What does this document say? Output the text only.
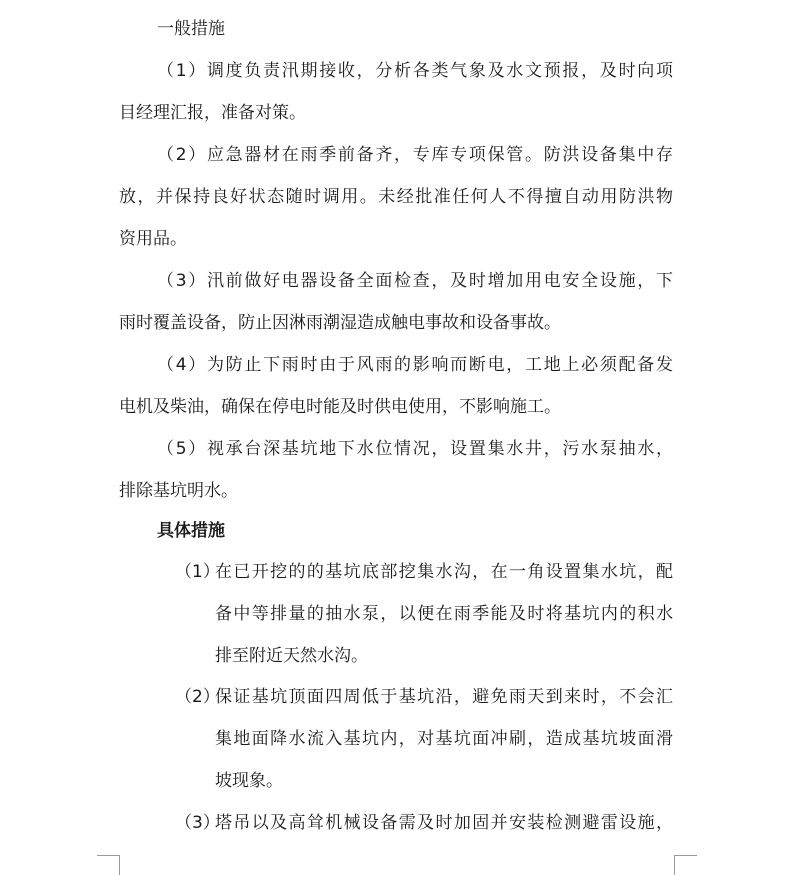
一般措施
（1）调度负责汛期接收，分析各类气象及水文预报，及时向项
目经理汇报，准备对策。
（2）应急器材在雨季前备齐，专库专项保管。防洪设备集中存
放，并保持良好状态随时调用。未经批准任何人不得擅自动用防洪物
资用品。
（3）汛前做好电器设备全面检查，及时增加用电安全设施，下
雨时覆盖设备，防止因淋雨潮湿造成触电事故和设备事故。
（4）为防止下雨时由于风雨的影响而断电，工地上必须配备发
电机及柴油，确保在停电时能及时供电使用，不影响施工。
（5）视承台深基坑地下水位情况，设置集水井，污水泵抽水，
排除基坑明水。
具体措施
（1）
在已开挖的的基坑底部挖集水沟，在一角设置集水坑，配
备中等排量的抽水泵，以便在雨季能及时将基坑内的积水
排至附近天然水沟。
（2）
保证基坑顶面四周低于基坑沿，避免雨天到来时，不会汇
集地面降水流入基坑内，对基坑面冲刷，造成基坑坡面滑
坡现象。
（3）
塔吊以及高耸机械设备需及时加固并安装检测避雷设施，
